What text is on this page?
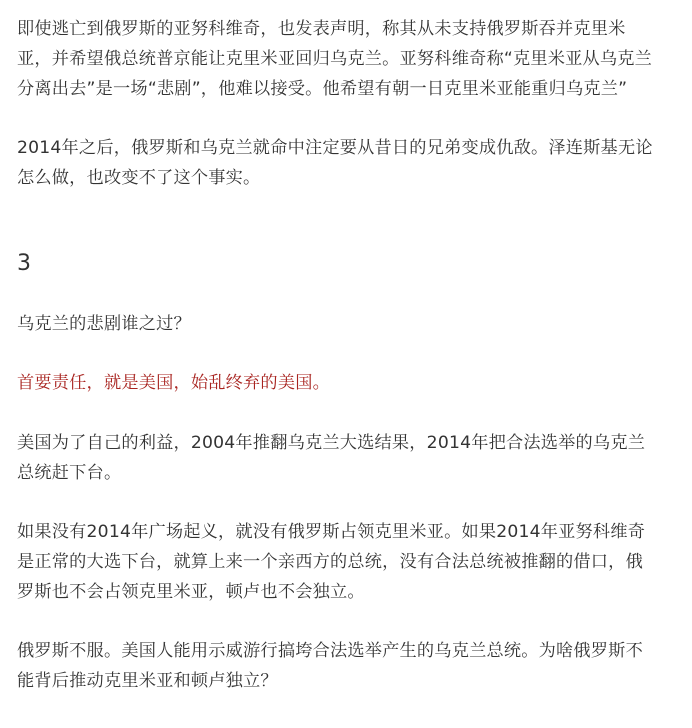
即使逃亡到俄罗斯的亚努科维奇，也发表声明，称其从未支持俄罗斯吞并克里米
亚，并希望俄总统普京能让克里米亚回归乌克兰。亚努科维奇称“克里米亚从乌克兰
分离出去”是一场“悲剧”，他难以接受。他希望有朝一日克里米亚能重归乌克兰”

2014年之后，俄罗斯和乌克兰就命中注定要从昔日的兄弟变成仇敌。泽连斯基无论
怎么做，也改变不了这个事实。

3

乌克兰的悲剧谁之过？

首要责任，就是美国，始乱终弃的美国。

美国为了自己的利益，2004年推翻乌克兰大选结果，2014年把合法选举的乌克兰
总统赶下台。

如果没有2014年广场起义，就没有俄罗斯占领克里米亚。如果2014年亚努科维奇
是正常的大选下台，就算上来一个亲西方的总统，没有合法总统被推翻的借口，俄
罗斯也不会占领克里米亚，顿卢也不会独立。

俄罗斯不服。美国人能用示威游行搞垮合法选举产生的乌克兰总统。为啥俄罗斯不
能背后推动克里米亚和顿卢独立？
